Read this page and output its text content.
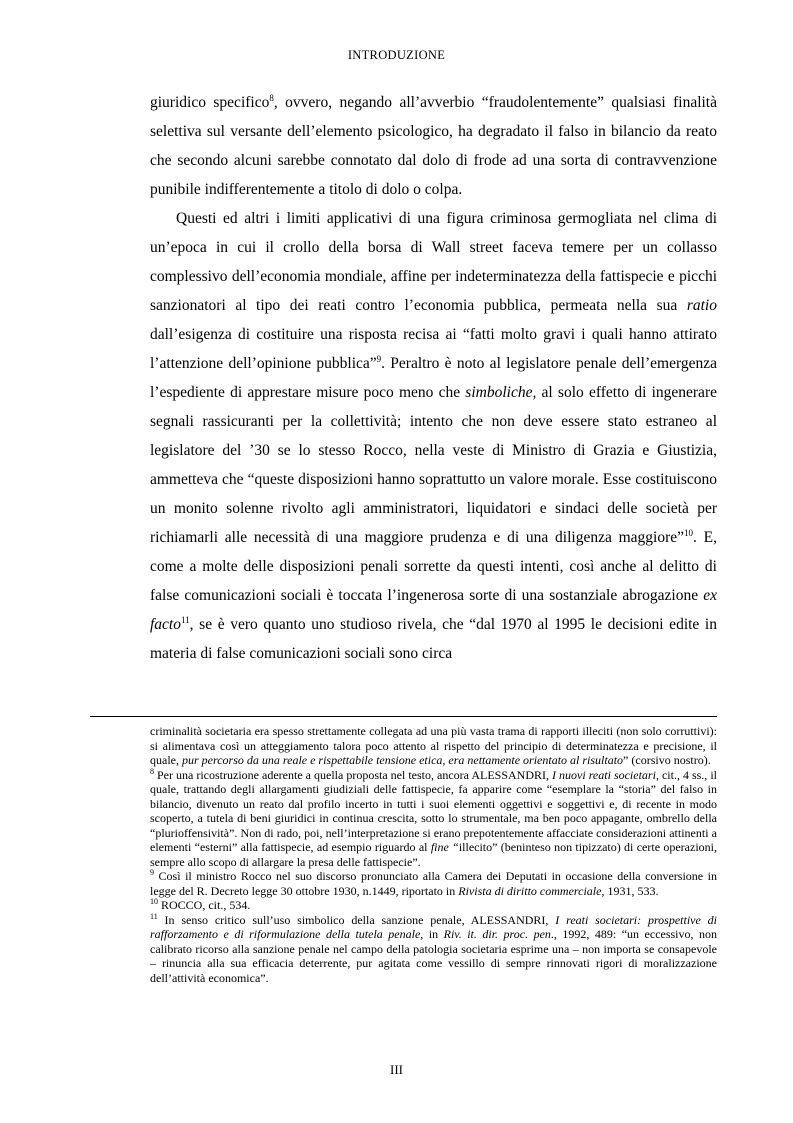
INTRODUZIONE

giuridico specifico$^8$, ovvero, negando all’avverbio “fraudolentemente” qualsiasi finalità selettiva sul versante dell’elemento psicologico, ha degradato il falso in bilancio da reato che secondo alcuni sarebbe connotato dal dolo di frode ad una sorta di contravvenzione punibile indifferentemente a titolo di dolo o colpa.

Questi ed altri i limiti applicativi di una figura criminosa germogliata nel clima di un’epoca in cui il crollo della borsa di Wall street faceva temere per un collasso complessivo dell’economia mondiale, affine per indeterminatezza della fattispecie e picchi sanzionatori al tipo dei reati contro l’economia pubblica, permeata nella sua ratio dall’esigenza di costituire una risposta recisa ai “fatti molto gravi i quali hanno attirato l’attenzione dell’opinione pubblica”$^9$. Peraltro è noto al legislatore penale dell’emergenza l’espediente di apprestare misure poco meno che simboliche, al solo effetto di ingenerare segnali rassicuranti per la collettività; intento che non deve essere stato estraneo al legislatore del ’30 se lo stesso Rocco, nella veste di Ministro di Grazia e Giustizia, ammetteva che “queste disposizioni hanno soprattutto un valore morale. Esse costituiscono un monito solenne rivolto agli amministratori, liquidatori e sindaci delle società per richiamarli alle necessità di una maggiore prudenza e di una diligenza maggiore”$^{10}$. E, come a molte delle disposizioni penali sorrette da questi intenti, così anche al delitto di false comunicazioni sociali è toccata l’ingenerosa sorte di una sostanziale abrogazione ex facto$^{11}$, se è vero quanto uno studioso rivela, che “dal 1970 al 1995 le decisioni edite in materia di false comunicazioni sociali sono circa

criminalità societaria era spesso strettamente collegata ad una più vasta trama di rapporti illeciti (non solo corruttivi): si alimentava così un atteggiamento talora poco attento al rispetto del principio di determinatezza e precisione, il quale, pur percorso da una reale e rispettabile tensione etica, era nettamente orientato al risultato” (corsivo nostro).

$^8$ Per una ricostruzione aderente a quella proposta nel testo, ancora ALESSANDRI, I nuovi reati societari, cit., 4 ss., il quale, trattando degli allargamenti giudiziali delle fattispecie, fa apparire come “esemplare la “storia” del falso in bilancio, divenuto un reato dal profilo incerto in tutti i suoi elementi oggettivi e soggettivi e, di recente in modo scoperto, a tutela di beni giuridici in continua crescita, sotto lo strumentale, ma ben poco appagante, ombrello della “plurioffensività”. Non di rado, poi, nell’interpretazione si erano prepotentemente affacciate considerazioni attinenti a elementi “esterni” alla fattispecie, ad esempio riguardo al fine “illecito” (beninteso non tipizzato) di certe operazioni, sempre allo scopo di allargare la presa delle fattispecie”.

$^9$ Così il ministro Rocco nel suo discorso pronunciato alla Camera dei Deputati in occasione della conversione in legge del R. Decreto legge 30 ottobre 1930, n.1449, riportato in Rivista di diritto commerciale, 1931, 533.

$^{10}$ ROCCO, cit., 534.

$^{11}$ In senso critico sull’uso simbolico della sanzione penale, ALESSANDRI, I reati societari: prospettive di rafforzamento e di riformulazione della tutela penale, in Riv. it. dir. proc. pen., 1992, 489: “un eccessivo, non calibrato ricorso alla sanzione penale nel campo della patologia societaria esprime una – non importa se consapevole – rinuncia alla sua efficacia deterrente, pur agitata come vessillo di sempre rinnovati rigori di moralizzazione dell’attività economica”.

III
